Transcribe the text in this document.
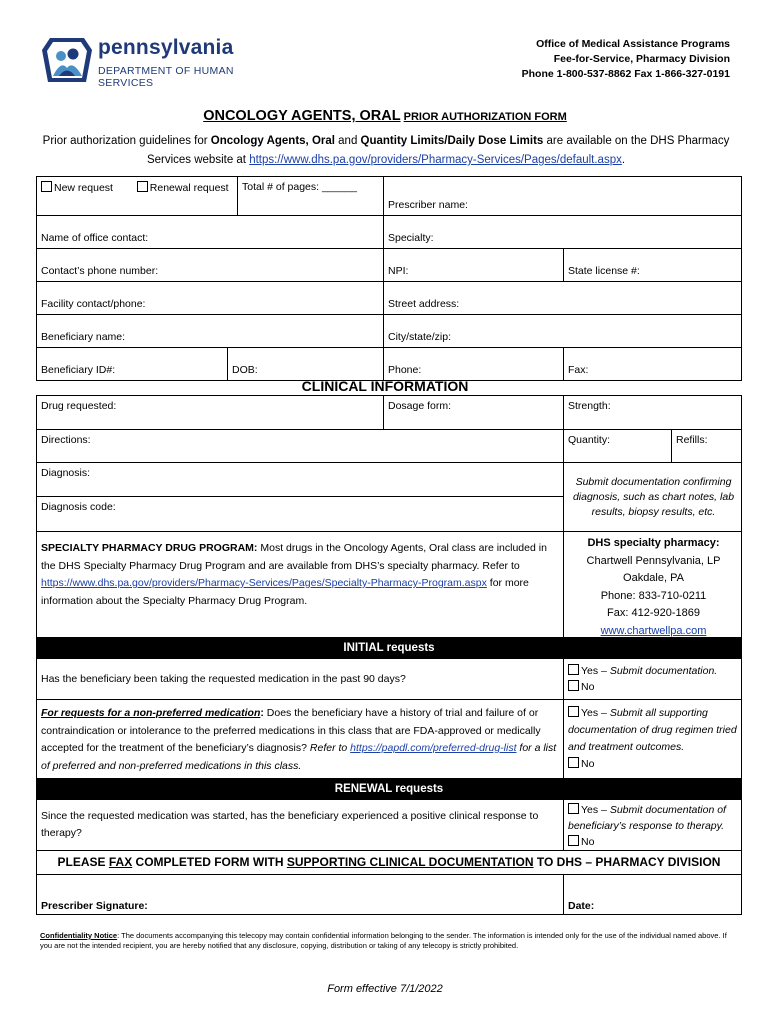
pennsylvania
DEPARTMENT OF HUMAN SERVICES
Office of Medical Assistance Programs
Fee-for-Service, Pharmacy Division
Phone 1-800-537-8862 Fax 1-866-327-0191
ONCOLOGY AGENTS, ORAL PRIOR AUTHORIZATION FORM
Prior authorization guidelines for Oncology Agents, Oral and Quantity Limits/Daily Dose Limits are available on the DHS Pharmacy Services website at https://www.dhs.pa.gov/providers/Pharmacy-Services/Pages/default.aspx.
New request	Renewal request Total # of pages: ______
Prescriber name:
Name of office contact:	Specialty:
Contact’s phone number:	NPI:	State license #:
Facility contact/phone:	Street address:
Beneficiary name:	City/state/zip:
Beneficiary ID#:	DOB:	Phone:	Fax:
CLINICAL INFORMATION
Drug requested:	Dosage form:	Strength:
Directions:	Quantity:	Refills:
Diagnosis:
Diagnosis code:
Submit documentation confirming diagnosis, such as chart notes, lab results, biopsy results, etc.
SPECIALTY PHARMACY DRUG PROGRAM: Most drugs in the Oncology Agents, Oral class are included in the DHS Specialty Pharmacy Drug Program and are available from DHS’s specialty pharmacy. Refer to https://www.dhs.pa.gov/providers/Pharmacy-Services/Pages/Specialty-Pharmacy-Program.aspx for more information about the Specialty Pharmacy Drug Program.
DHS specialty pharmacy:
Chartwell Pennsylvania, LP
Oakdale, PA
Phone: 833-710-0211
Fax: 412-920-1869
www.chartwellpa.com
INITIAL requests
Has the beneficiary been taking the requested medication in the past 90 days?
Yes – Submit documentation.
No
For requests for a non-preferred medication: Does the beneficiary have a history of trial and failure of or contraindication or intolerance to the preferred medications in this class that are FDA-approved or medically accepted for the treatment of the beneficiary’s diagnosis? Refer to https://papdl.com/preferred-drug-list for a list of preferred and non-preferred medications in this class.
Yes – Submit all supporting documentation of drug regimen tried and treatment outcomes.
No
RENEWAL requests
Since the requested medication was started, has the beneficiary experienced a positive clinical response to therapy?
Yes – Submit documentation of beneficiary’s response to therapy.
No
PLEASE FAX COMPLETED FORM WITH SUPPORTING CLINICAL DOCUMENTATION TO DHS – PHARMACY DIVISION
Prescriber Signature:	Date:
Confidentiality Notice: The documents accompanying this telecopy may contain confidential information belonging to the sender. The information is intended only for the use of the individual named above. If you are not the intended recipient, you are hereby notified that any disclosure, copying, distribution or taking of any telecopy is strictly prohibited.
Form effective 7/1/2022
